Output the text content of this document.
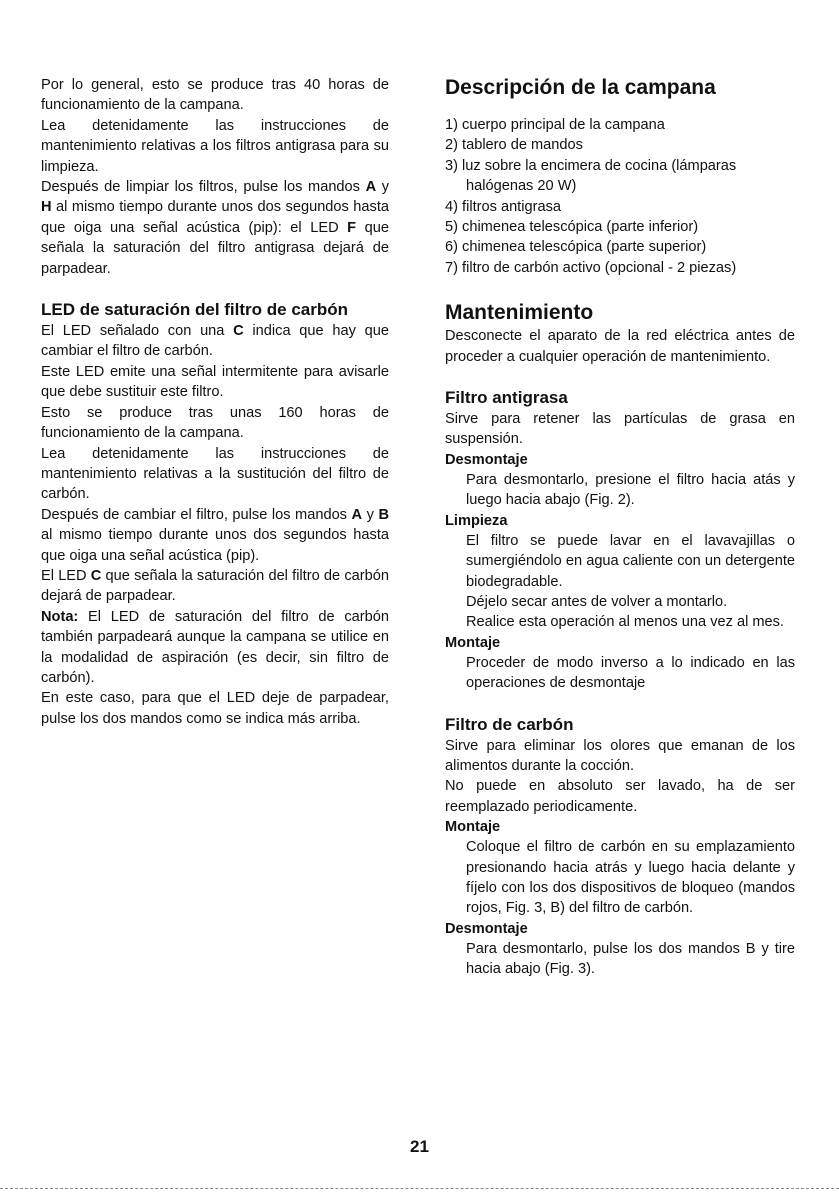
Por lo general, esto se produce tras 40 horas de funcionamiento de la campana.

Lea detenidamente las instrucciones de mantenimiento relativas a los filtros antigrasa para su limpieza.

Después de limpiar los filtros, pulse los mandos A y H al mismo tiempo durante unos dos segundos hasta que oiga una señal acústica (pip): el LED F que señala la saturación del filtro antigrasa dejará de parpadear.

LED de saturación del filtro de carbón

El LED señalado con una C indica que hay que cambiar el filtro de carbón.

Este LED emite una señal intermitente para avisarle que debe sustituir este filtro.

Esto se produce tras unas 160 horas de funcionamiento de la campana.

Lea detenidamente las instrucciones de mantenimiento relativas a la sustitución del filtro de carbón.

Después de cambiar el filtro, pulse los mandos A y B al mismo tiempo durante unos dos segundos hasta que oiga una señal acústica (pip).

El LED C que señala la saturación del filtro de carbón dejará de parpadear.

Nota: El LED de saturación del filtro de carbón también parpadeará aunque la campana se utilice en la modalidad de aspiración (es decir, sin filtro de carbón).

En este caso, para que el LED deje de parpadear, pulse los dos mandos como se indica más arriba.

Descripción de la campana
1) cuerpo principal de la campana
2) tablero de mandos
3) luz sobre la encimera de cocina (lámparas halógenas 20 W)
4) filtros antigrasa
5) chimenea telescópica (parte inferior)
6) chimenea telescópica (parte superior)
7) filtro de carbón activo (opcional - 2 piezas)
Mantenimiento

Desconecte el aparato de la red eléctrica antes de proceder a cualquier operación de mantenimiento.

Filtro antigrasa

Sirve para retener las partículas de grasa en suspensión.

Desmontaje

Para desmontarlo, presione el filtro hacia atás y luego hacia abajo (Fig. 2).

Limpieza

El filtro se puede lavar en el lavavajillas o sumergiéndolo en agua caliente con un detergente biodegradable.

Déjelo secar antes de volver a montarlo.

Realice esta operación al menos una vez al mes.

Montaje

Proceder de modo inverso a lo indicado en las operaciones de desmontaje

Filtro de carbón

Sirve para eliminar los olores que emanan de los alimentos durante la cocción.

No puede en absoluto ser lavado, ha de ser reemplazado periodicamente.

Montaje

Coloque el filtro de carbón en su emplazamiento presionando hacia atrás y luego hacia delante y fíjelo con los dos dispositivos de bloqueo (mandos rojos, Fig. 3, B) del filtro de carbón.

Desmontaje

Para desmontarlo, pulse los dos mandos B y tire hacia abajo (Fig. 3).

21
